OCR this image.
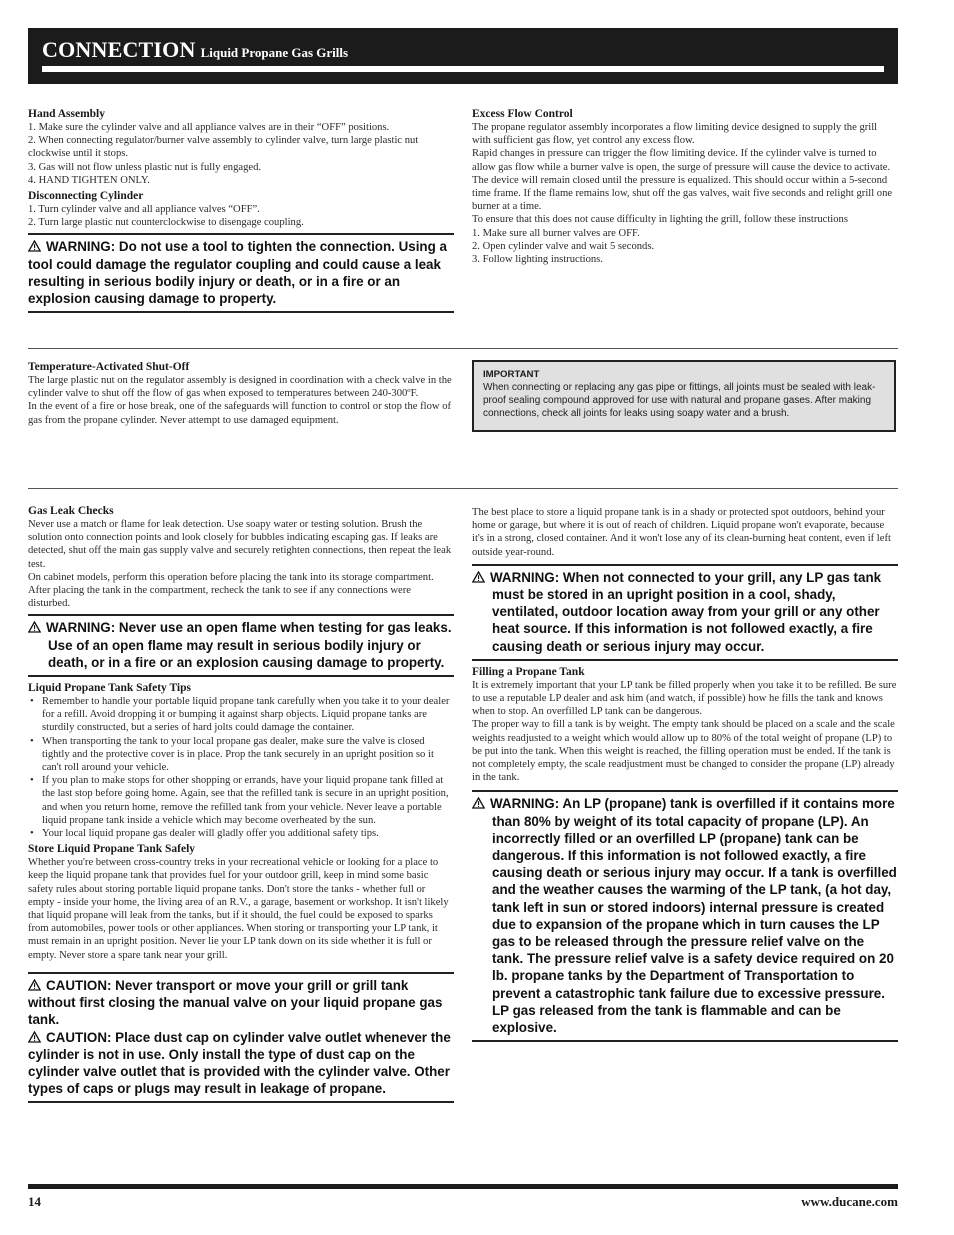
CONNECTION Liquid Propane Gas Grills
Hand Assembly
1. Make sure the cylinder valve and all appliance valves are in their “OFF” positions.
2. When connecting regulator/burner valve assembly to cylinder valve, turn large plastic nut clockwise until it stops.
3. Gas will not flow unless plastic nut is fully engaged.
4. HAND TIGHTEN ONLY.
Disconnecting Cylinder
1. Turn cylinder valve and all appliance valves “OFF”.
2. Turn large plastic nut counterclockwise to disengage coupling.
WARNING: Do not use a tool to tighten the connection. Using a tool could damage the regulator coupling and could cause a leak resulting in serious bodily injury or death, or in a fire or an explosion causing damage to property.
Excess Flow Control
The propane regulator assembly incorporates a flow limiting device designed to supply the grill with sufficient gas flow, yet control any excess flow.
Rapid changes in pressure can trigger the flow limiting device. If the cylinder valve is turned to allow gas flow while a burner valve is open, the surge of pressure will cause the device to activate. The device will remain closed until the pressure is equalized. This should occur within a 5-second time frame. If the flame remains low, shut off the gas valves, wait five seconds and relight grill one burner at a time.
To ensure that this does not cause difficulty in lighting the grill, follow these instructions
1. Make sure all burner valves are OFF.
2. Open cylinder valve and wait 5 seconds.
3. Follow lighting instructions.
Temperature-Activated Shut-Off
The large plastic nut on the regulator assembly is designed in coordination with a check valve in the cylinder valve to shut off the flow of gas when exposed to temperatures between 240-300ºF.
In the event of a fire or hose break, one of the safeguards will function to control or stop the flow of gas from the propane cylinder. Never attempt to use damaged equipment.
IMPORTANT
When connecting or replacing any gas pipe or fittings, all joints must be sealed with leak-proof sealing compound approved for use with natural and propane gases. After making connections, check all joints for leaks using soapy water and a brush.
Gas Leak Checks
Never use a match or flame for leak detection. Use soapy water or testing solution. Brush the solution onto connection points and look closely for bubbles indicating escaping gas. If leaks are detected, shut off the main gas supply valve and securely retighten connections, then repeat the leak test.
On cabinet models, perform this operation before placing the tank into its storage compartment. After placing the tank in the compartment, recheck the tank to see if any connections were disturbed.
WARNING: Never use an open flame when testing for gas leaks. Use of an open flame may result in serious bodily injury or death, or in a fire or an explosion causing damage to property.
Liquid Propane Tank Safety Tips
• Remember to handle your portable liquid propane tank carefully when you take it to your dealer for a refill. Avoid dropping it or bumping it against sharp objects. Liquid propane tanks are sturdily constructed, but a series of hard jolts could damage the container.
• When transporting the tank to your local propane gas dealer, make sure the valve is closed tightly and the protective cover is in place. Prop the tank securely in an upright position so it can't roll around your vehicle.
• If you plan to make stops for other shopping or errands, have your liquid propane tank filled at the last stop before going home. Again, see that the refilled tank is secure in an upright position, and when you return home, remove the refilled tank from your vehicle. Never leave a portable liquid propane tank inside a vehicle which may become overheated by the sun.
• Your local liquid propane gas dealer will gladly offer you additional safety tips.
Store Liquid Propane Tank Safely
Whether you're between cross-country treks in your recreational vehicle or looking for a place to keep the liquid propane tank that provides fuel for your outdoor grill, keep in mind some basic safety rules about storing portable liquid propane tanks. Don't store the tanks - whether full or empty - inside your home, the living area of an R.V., a garage, basement or workshop. It isn't likely that liquid propane will leak from the tanks, but if it should, the fuel could be exposed to sparks from automobiles, power tools or other appliances. When storing or transporting your LP tank, it must remain in an upright position. Never lie your LP tank down on its side whether it is full or empty. Never store a spare tank near your grill.
CAUTION: Never transport or move your grill or grill tank without first closing the manual valve on your liquid propane gas tank.
CAUTION: Place dust cap on cylinder valve outlet whenever the cylinder is not in use. Only install the type of dust cap on the cylinder valve outlet that is provided with the cylinder valve. Other types of caps or plugs may result in leakage of propane.
The best place to store a liquid propane tank is in a shady or protected spot outdoors, behind your home or garage, but where it is out of reach of children. Liquid propane won't evaporate, because it's in a strong, closed container. And it won't lose any of its clean-burning heat content, even if left outside year-round.
WARNING: When not connected to your grill, any LP gas tank must be stored in an upright position in a cool, shady, ventilated, outdoor location away from your grill or any other heat source. If this information is not followed exactly, a fire causing death or serious injury may occur.
Filling a Propane Tank
It is extremely important that your LP tank be filled properly when you take it to be refilled. Be sure to use a reputable LP dealer and ask him (and watch, if possible) how he fills the tank and knows when to stop. An overfilled LP tank can be dangerous.
The proper way to fill a tank is by weight. The empty tank should be placed on a scale and the scale weights readjusted to a weight which would allow up to 80% of the total weight of propane (LP) to be put into the tank. When this weight is reached, the filling operation must be ended. If the tank is not completely empty, the scale readjustment must be changed to consider the propane (LP) already in the tank.
WARNING: An LP (propane) tank is overfilled if it contains more than 80% by weight of its total capacity of propane (LP). An incorrectly filled or an overfilled LP (propane) tank can be dangerous. If this information is not followed exactly, a fire causing death or serious injury may occur. If a tank is overfilled and the weather causes the warming of the LP tank, (a hot day, tank left in sun or stored indoors) internal pressure is created due to expansion of the propane which in turn causes the LP gas to be released through the pressure relief valve on the tank. The pressure relief valve is a safety device required on 20 lb. propane tanks by the Department of Transportation to prevent a catastrophic tank failure due to excessive pressure. LP gas released from the tank is flammable and can be explosive.
14	www.ducane.com
